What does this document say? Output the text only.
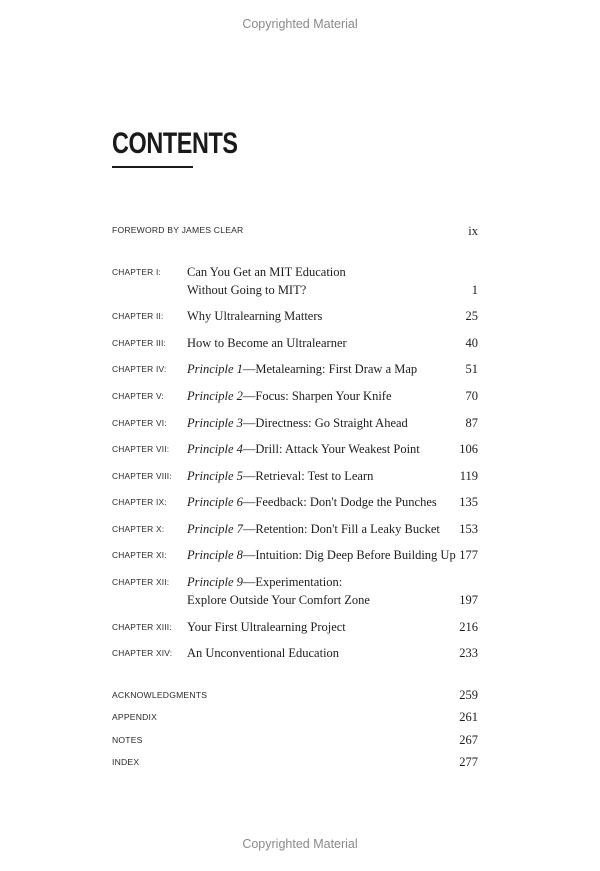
Copyrighted Material
CONTENTS
FOREWORD BY JAMES CLEAR	ix
CHAPTER I: Can You Get an MIT Education
Without Going to MIT?	1
CHAPTER II: Why Ultralearning Matters	25
CHAPTER III: How to Become an Ultralearner	40
CHAPTER IV: Principle 1—Metalearning: First Draw a Map	51
CHAPTER V: Principle 2—Focus: Sharpen Your Knife	70
CHAPTER VI: Principle 3—Directness: Go Straight Ahead	87
CHAPTER VII: Principle 4—Drill: Attack Your Weakest Point	106
CHAPTER VIII: Principle 5—Retrieval: Test to Learn	119
CHAPTER IX: Principle 6—Feedback: Don't Dodge the Punches 135
CHAPTER X: Principle 7—Retention: Don't Fill a Leaky Bucket 153
CHAPTER XI: Principle 8—Intuition: Dig Deep Before Building Up 177
CHAPTER XII: Principle 9—Experimentation:
Explore Outside Your Comfort Zone	197
CHAPTER XIII: Your First Ultralearning Project	216
CHAPTER XIV: An Unconventional Education	233
ACKNOWLEDGMENTS	259
APPENDIX	261
NOTES	267
INDEX	277
Copyrighted Material
